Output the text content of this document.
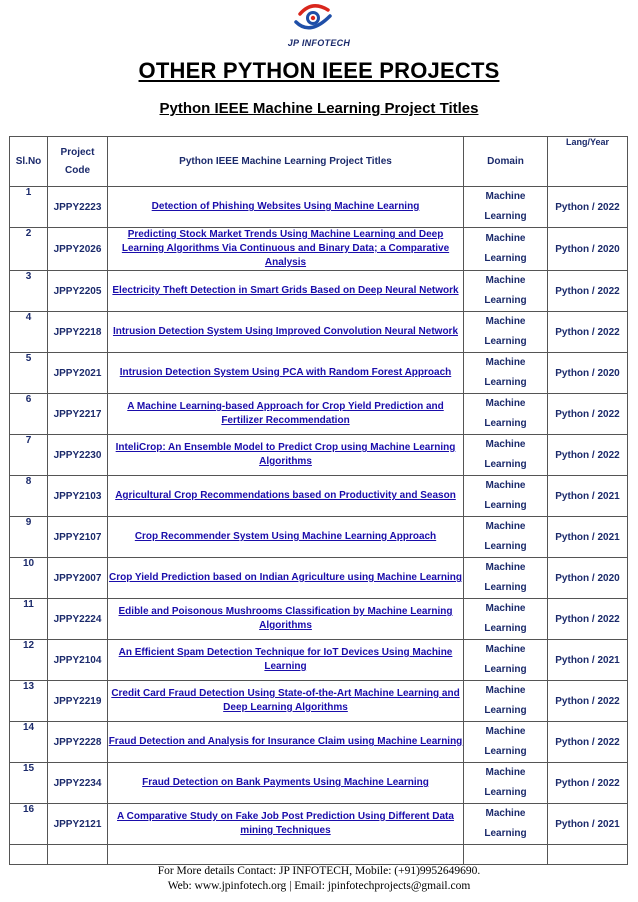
JP INFOTECH
OTHER PYTHON IEEE PROJECTS
Python IEEE Machine Learning Project Titles
Sl.No	Project Code	Python IEEE Machine Learning Project Titles	Domain	Lang/Year
1	JPPY2223	Detection of Phishing Websites Using Machine Learning	Machine Learning	Python / 2022
2	JPPY2026	Predicting Stock Market Trends Using Machine Learning and Deep Learning Algorithms Via Continuous and Binary Data; a Comparative Analysis	Machine Learning	Python / 2020
3	JPPY2205	Electricity Theft Detection in Smart Grids Based on Deep Neural Network	Machine Learning	Python / 2022
4	JPPY2218	Intrusion Detection System Using Improved Convolution Neural Network	Machine Learning	Python / 2022
5	JPPY2021	Intrusion Detection System Using PCA with Random Forest Approach	Machine Learning	Python / 2020
6	JPPY2217	A Machine Learning-based Approach for Crop Yield Prediction and Fertilizer Recommendation	Machine Learning	Python / 2022
7	JPPY2230	InteliCrop: An Ensemble Model to Predict Crop using Machine Learning Algorithms	Machine Learning	Python / 2022
8	JPPY2103	Agricultural Crop Recommendations based on Productivity and Season	Machine Learning	Python / 2021
9	JPPY2107	Crop Recommender System Using Machine Learning Approach	Machine Learning	Python / 2021
10	JPPY2007	Crop Yield Prediction based on Indian Agriculture using Machine Learning	Machine Learning	Python / 2020
11	JPPY2224	Edible and Poisonous Mushrooms Classification by Machine Learning Algorithms	Machine Learning	Python / 2022
12	JPPY2104	An Efficient Spam Detection Technique for IoT Devices Using Machine Learning	Machine Learning	Python / 2021
13	JPPY2219	Credit Card Fraud Detection Using State-of-the-Art Machine Learning and Deep Learning Algorithms	Machine Learning	Python / 2022
14	JPPY2228	Fraud Detection and Analysis for Insurance Claim using Machine Learning	Machine Learning	Python / 2022
15	JPPY2234	Fraud Detection on Bank Payments Using Machine Learning	Machine Learning	Python / 2022
16	JPPY2121	A Comparative Study on Fake Job Post Prediction Using Different Data mining Techniques	Machine Learning	Python / 2021

For More details Contact: JP INFOTECH, Mobile: (+91)9952649690.
Web: www.jpinfotech.org | Email: jpinfotechprojects@gmail.com
